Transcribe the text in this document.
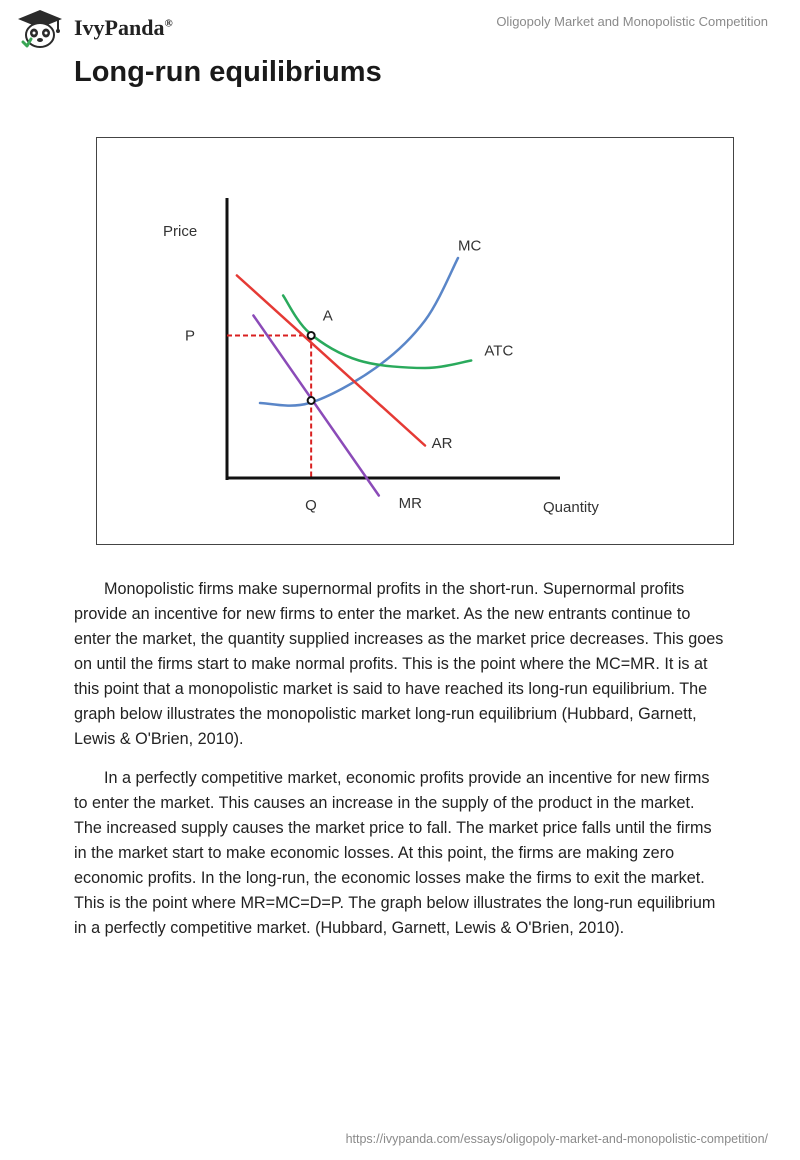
IvyPanda®	Oligopoly Market and Monopolistic Competition
Long-run equilibriums
Price
Quantity
P
Q
MC
ATC
AR
MR
A

Monopolistic firms make supernormal profits in the short-run. Supernormal profits provide an incentive for new firms to enter the market. As the new entrants continue to enter the market, the quantity supplied increases as the market price decreases. This goes on until the firms start to make normal profits. This is the point where the MC=MR. It is at this point that a monopolistic market is said to have reached its long-run equilibrium. The graph below illustrates the monopolistic market long-run equilibrium (Hubbard, Garnett, Lewis & O'Brien, 2010).

In a perfectly competitive market, economic profits provide an incentive for new firms to enter the market. This causes an increase in the supply of the product in the market. The increased supply causes the market price to fall. The market price falls until the firms in the market start to make economic losses. At this point, the firms are making zero economic profits. In the long-run, the economic losses make the firms to exit the market. This is the point where MR=MC=D=P. The graph below illustrates the long-run equilibrium in a perfectly competitive market. (Hubbard, Garnett, Lewis & O'Brien, 2010).

https://ivypanda.com/essays/oligopoly-market-and-monopolistic-competition/
